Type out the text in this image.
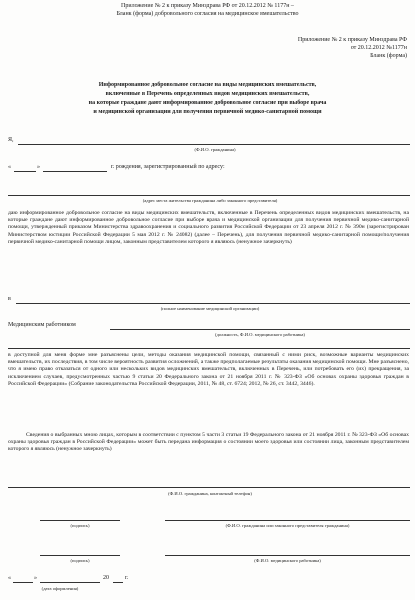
Приложение № 2 к приказу Минздрава РФ от 20.12.2012 № 1177н –
Бланк (форма) добровольного согласия на медицинское вмешательство
Приложение № 2 к приказу Минздрава РФ
от 20.12.2012 №1177н
Бланк (форма)
Информированное добровольное согласие на виды медицинских вмешательств,
включенные в Перечень определенных видов медицинских вмешательств,
на которые граждане дают информированное добровольное согласие при выборе врача
и медицинской организации для получения первичной медико-санитарной помощи
Я,
(Ф.И.О. гражданина)
«	»	г. рождения, зарегистрированный по адресу:
(адрес места жительства гражданина либо законного представителя)
даю информированное добровольное согласие на виды медицинских вмешательств, включенные в Перечень определенных видов медицинских вмешательств, на которые граждане дают информированное добровольное согласие при выборе врача и медицинской организации для получения первичной медико-санитарной помощи, утвержденный приказом Министерства здравоохранения и социального развития Российской Федерации от 23 апреля 2012 г. № 390н (зарегистрирован Министерством юстиции Российской Федерации 5 мая 2012 г. № 24082) (далее – Перечень), для получения первичной медико-санитарной помощи/получения первичной медико-санитарной помощи лицом, законным представителем которого я являюсь (ненужное зачеркнуть)
в
(полное наименование медицинской организации)
Медицинским работником
(должность, Ф.И.О. медицинского работника)
в доступной для меня форме мне разъяснены цели, методы оказания медицинской помощи, связанный с ними риск, возможные варианты медицинских вмешательств, их последствия, в том числе вероятность развития осложнений, а также предполагаемые результаты оказания медицинской помощи. Мне разъяснено, что я имею право отказаться от одного или нескольких видов медицинских вмешательств, включенных в Перечень, или потребовать его (их) прекращения, за исключением случаев, предусмотренных частью 9 статьи 20 Федерального закона от 21 ноября 2011 г. № 323-ФЗ «Об основах охраны здоровья граждан в Российской Федерации» (Собрание законодательства Российской Федерации, 2011, № 48, ст. 6724; 2012, № 26, ст. 3442, 3446).
Сведения о выбранных мною лицах, которым в соответствии с пунктом 5 части 3 статьи 19 Федерального закона от 21 ноября 2011 г. № 323-ФЗ «Об основах охраны здоровья граждан в Российской Федерации» может быть передана информация о состоянии моего здоровья или состоянии лица, законным представителем которого я являюсь (ненужное зачеркнуть)
(Ф.И.О. гражданина, контактный телефон)
(подпись)	(Ф.И.О. гражданина или законного представителя гражданина)
(подпись)	(Ф.И.О. медицинского работника)
«	»	20	г.
(дата оформления)
